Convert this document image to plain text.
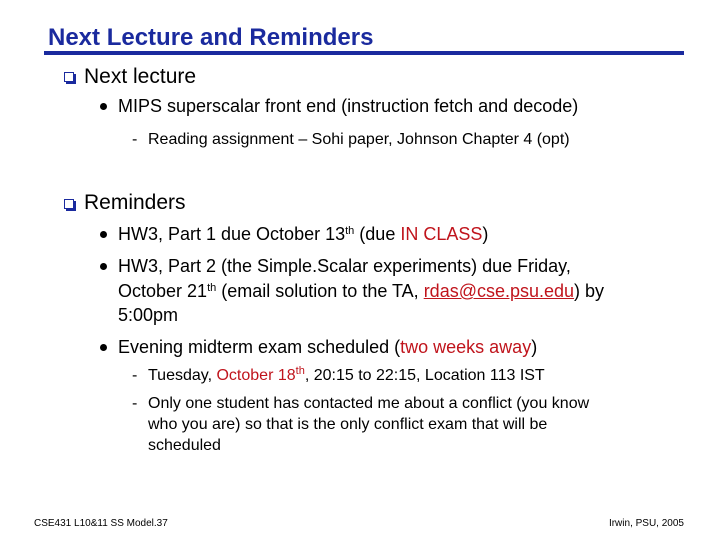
Next Lecture and Reminders
Next lecture
MIPS superscalar front end (instruction fetch and decode)
- Reading assignment – Sohi paper, Johnson Chapter 4 (opt)
Reminders
HW3, Part 1 due October 13th (due IN CLASS)
HW3, Part 2 (the Simple.Scalar experiments) due Friday,
October 21th (email solution to the TA, rdas@cse.psu.edu) by
5:00pm
Evening midterm exam scheduled (two weeks away)
- Tuesday, October 18th, 20:15 to 22:15, Location 113 IST
- Only one student has contacted me about a conflict (you know
who you are) so that is the only conflict exam that will be
scheduled
CSE431 L10&11 SS Model.37	Irwin, PSU, 2005
